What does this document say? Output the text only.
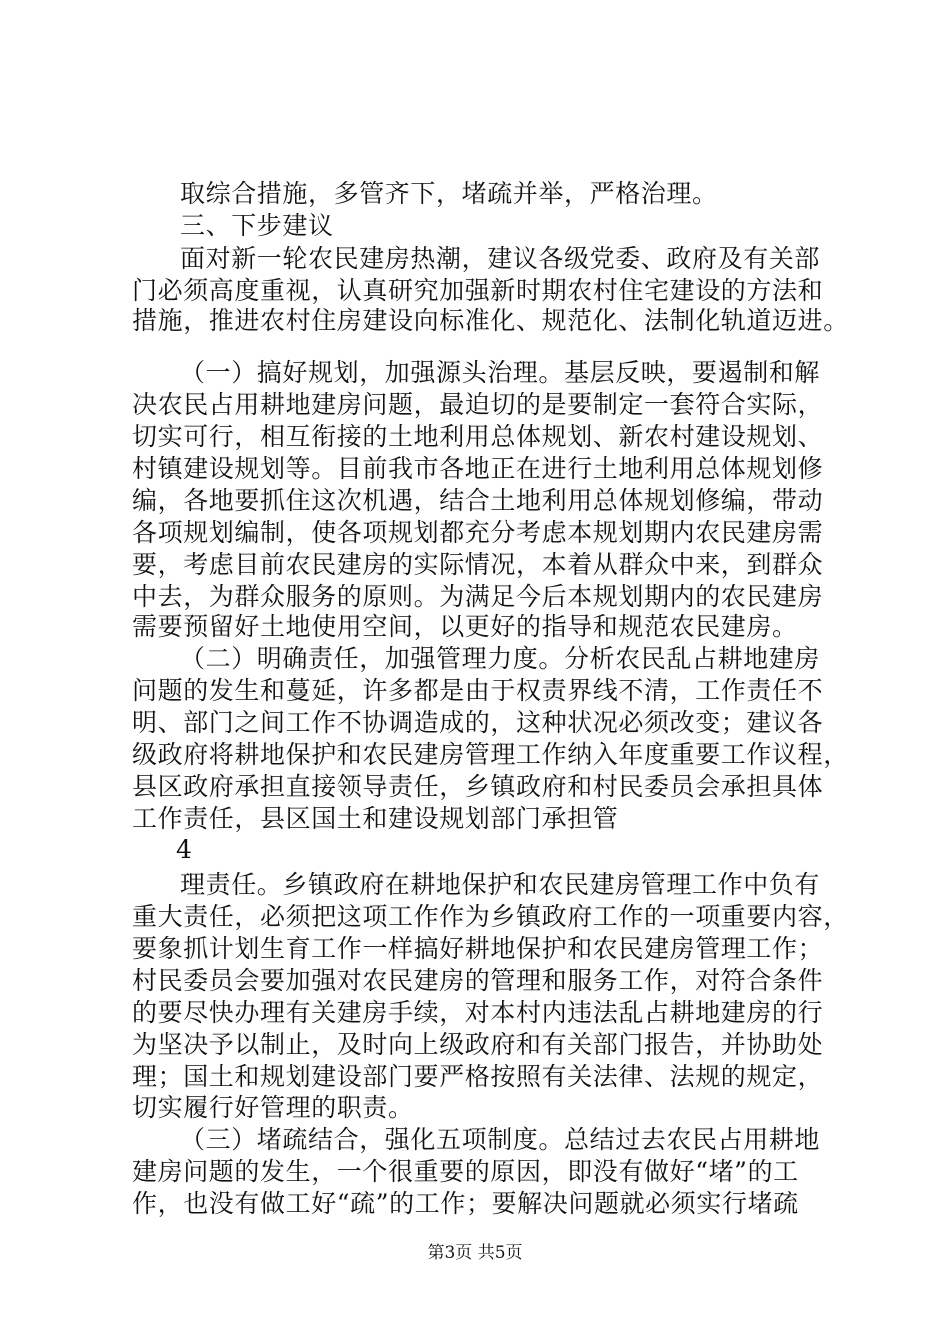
取综合措施，多管齐下，堵疏并举，严格治理。
三、下步建议
面对新一轮农民建房热潮，建议各级党委、政府及有关部
门必须高度重视，认真研究加强新时期农村住宅建设的方法和
措施，推进农村住房建设向标准化、规范化、法制化轨道迈进。
（一）搞好规划，加强源头治理。基层反映，要遏制和解
决农民占用耕地建房问题，最迫切的是要制定一套符合实际，
切实可行，相互衔接的土地利用总体规划、新农村建设规划、
村镇建设规划等。目前我市各地正在进行土地利用总体规划修
编，各地要抓住这次机遇，结合土地利用总体规划修编，带动
各项规划编制，使各项规划都充分考虑本规划期内农民建房需
要，考虑目前农民建房的实际情况，本着从群众中来，到群众
中去，为群众服务的原则。为满足今后本规划期内的农民建房
需要预留好土地使用空间，以更好的指导和规范农民建房。
（二）明确责任，加强管理力度。分析农民乱占耕地建房
问题的发生和蔓延，许多都是由于权责界线不清，工作责任不
明、部门之间工作不协调造成的，这种状况必须改变；建议各
级政府将耕地保护和农民建房管理工作纳入年度重要工作议程，
县区政府承担直接领导责任，乡镇政府和村民委员会承担具体
工作责任，县区国土和建设规划部门承担管
4
理责任。乡镇政府在耕地保护和农民建房管理工作中负有
重大责任，必须把这项工作作为乡镇政府工作的一项重要内容，
要象抓计划生育工作一样搞好耕地保护和农民建房管理工作；
村民委员会要加强对农民建房的管理和服务工作，对符合条件
的要尽快办理有关建房手续，对本村内违法乱占耕地建房的行
为坚决予以制止，及时向上级政府和有关部门报告，并协助处
理；国土和规划建设部门要严格按照有关法律、法规的规定，
切实履行好管理的职责。
（三）堵疏结合，强化五项制度。总结过去农民占用耕地
建房问题的发生，一个很重要的原因，即没有做好“堵”的工
作，也没有做工好“疏”的工作；要解决问题就必须实行堵疏
第3页 共5页
